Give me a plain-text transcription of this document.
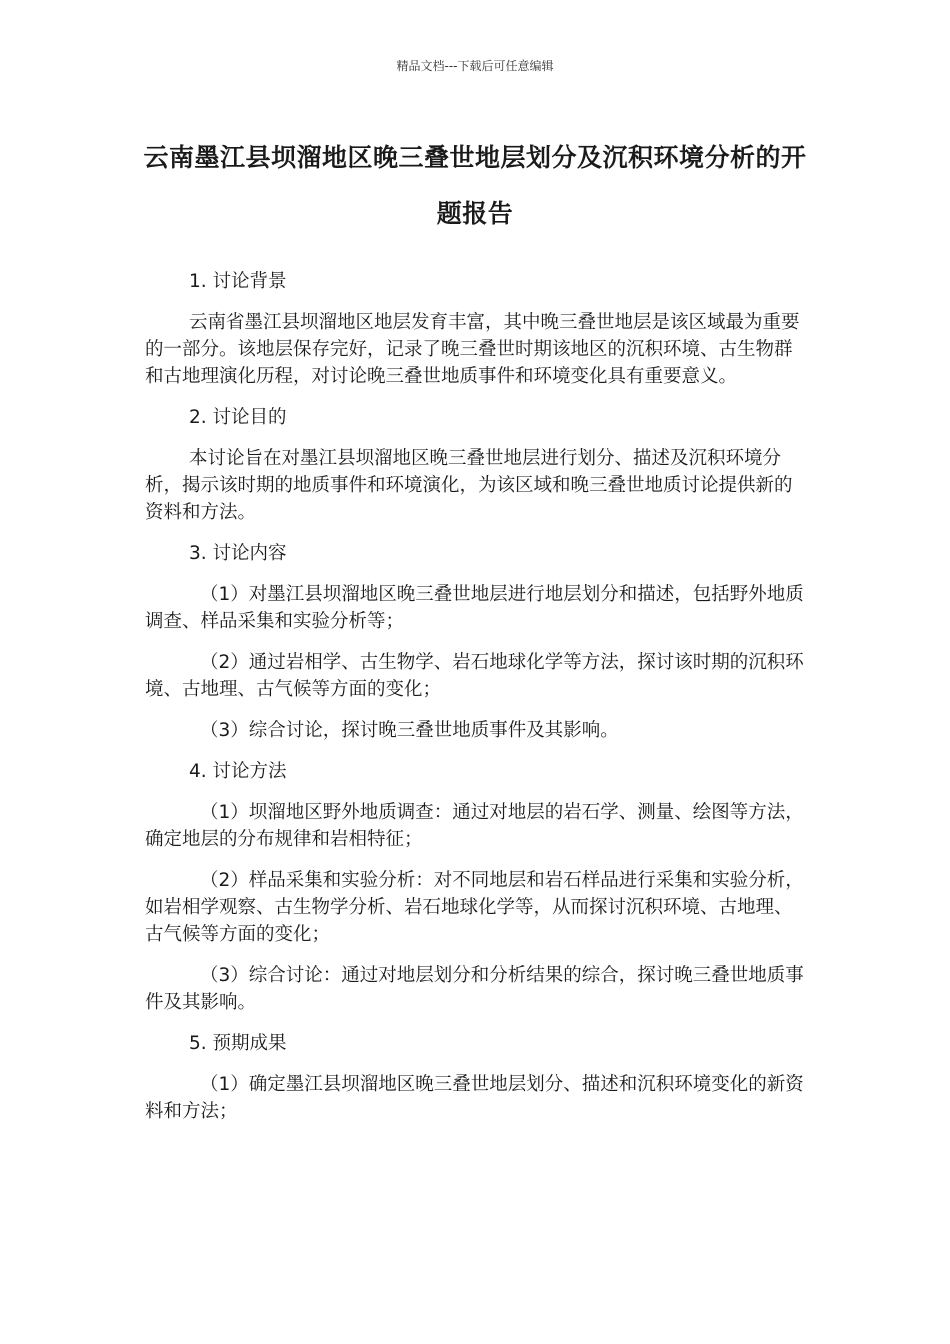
精品文档---下载后可任意编辑
云南墨江县坝溜地区晚三叠世地层划分及沉积环境分析的开题报告

1. 讨论背景

云南省墨江县坝溜地区地层发育丰富，其中晚三叠世地层是该区域最为重要的一部分。该地层保存完好，记录了晚三叠世时期该地区的沉积环境、古生物群和古地理演化历程，对讨论晚三叠世地质事件和环境变化具有重要意义。

2. 讨论目的

本讨论旨在对墨江县坝溜地区晚三叠世地层进行划分、描述及沉积环境分析，揭示该时期的地质事件和环境演化，为该区域和晚三叠世地质讨论提供新的资料和方法。

3. 讨论内容

（1）对墨江县坝溜地区晚三叠世地层进行地层划分和描述，包括野外地质调查、样品采集和实验分析等；

（2）通过岩相学、古生物学、岩石地球化学等方法，探讨该时期的沉积环境、古地理、古气候等方面的变化；

（3）综合讨论，探讨晚三叠世地质事件及其影响。

4. 讨论方法

（1）坝溜地区野外地质调查：通过对地层的岩石学、测量、绘图等方法，确定地层的分布规律和岩相特征；

（2）样品采集和实验分析：对不同地层和岩石样品进行采集和实验分析，如岩相学观察、古生物学分析、岩石地球化学等，从而探讨沉积环境、古地理、古气候等方面的变化；

（3）综合讨论：通过对地层划分和分析结果的综合，探讨晚三叠世地质事件及其影响。

5. 预期成果

（1）确定墨江县坝溜地区晚三叠世地层划分、描述和沉积环境变化的新资料和方法；
